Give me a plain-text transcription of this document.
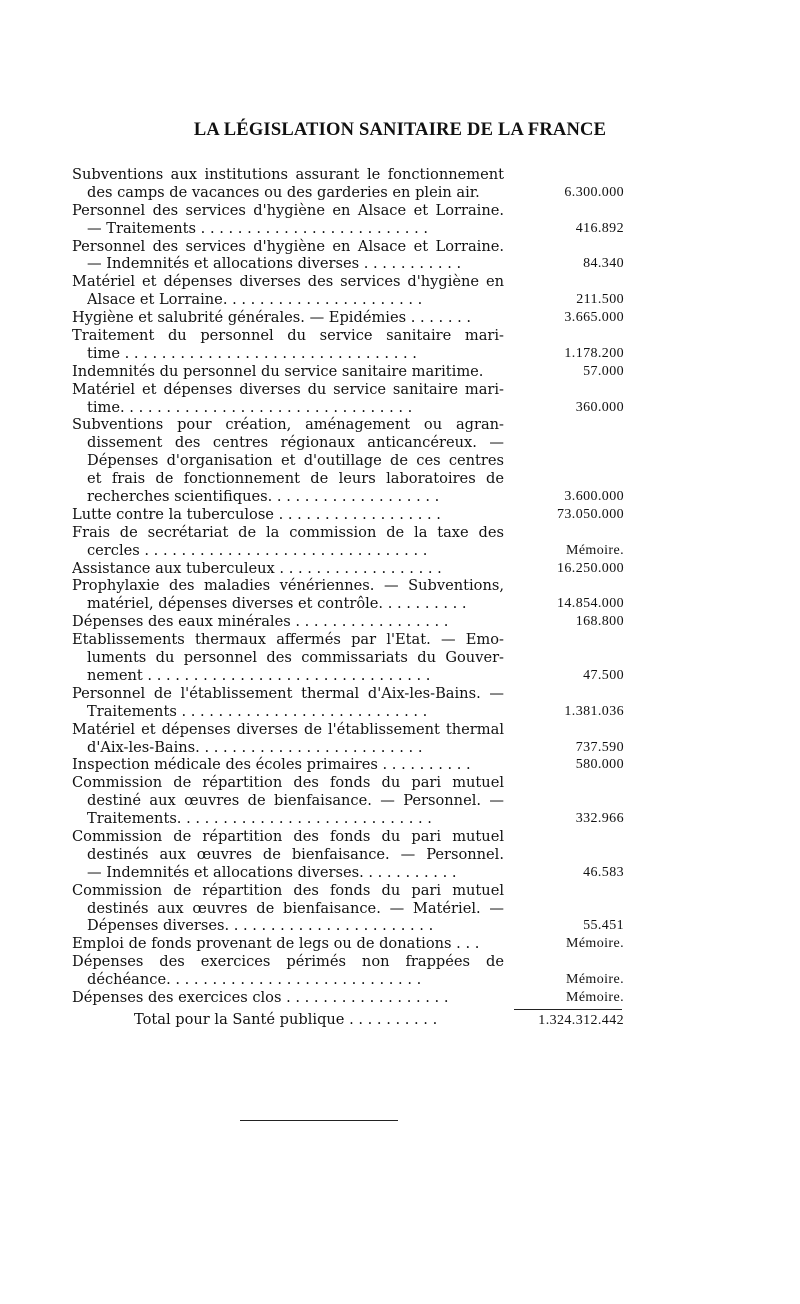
LA LÉGISLATION SANITAIRE DE LA FRANCE
Subventions aux institutions assurant le fonctionnement
des camps de vacances ou des garderies en plein air.	6.300.000
Personnel des services d'hygiène en Alsace et Lorraine.
— Traitements . . . . . . . . . . . . . . . . . . . . . . . . .	416.892
Personnel des services d'hygiène en Alsace et Lorraine.
— Indemnités et allocations diverses . . . . . . . . . . .	84.340
Matériel et dépenses diverses des services d'hygiène en
Alsace et Lorraine. . . . . . . . . . . . . . . . . . . . . .	211.500
Hygiène et salubrité générales. — Epidémies . . . . . . .	3.665.000
Traitement du personnel du service sanitaire mari-
time . . . . . . . . . . . . . . . . . . . . . . . . . . . . . . . .	1.178.200
Indemnités du personnel du service sanitaire maritime.	57.000
Matériel et dépenses diverses du service sanitaire mari-
time. . . . . . . . . . . . . . . . . . . . . . . . . . . . . . . .	360.000
Subventions pour création, aménagement ou agran-
dissement des centres régionaux anticancéreux. —
Dépenses d'organisation et d'outillage de ces centres
et frais de fonctionnement de leurs laboratoires de
recherches scientifiques. . . . . . . . . . . . . . . . . . .	3.600.000
Lutte contre la tuberculose . . . . . . . . . . . . . . . . . .	73.050.000
Frais de secrétariat de la commission de la taxe des
cercles . . . . . . . . . . . . . . . . . . . . . . . . . . . . . . .	Mémoire.
Assistance aux tuberculeux . . . . . . . . . . . . . . . . . .	16.250.000
Prophylaxie des maladies vénériennes. — Subventions,
matériel, dépenses diverses et contrôle. . . . . . . . . .	14.854.000
Dépenses des eaux minérales . . . . . . . . . . . . . . . . .	168.800
Etablissements thermaux affermés par l'Etat. — Emo-
luments du personnel des commissariats du Gouver-
nement . . . . . . . . . . . . . . . . . . . . . . . . . . . . . . .	47.500
Personnel de l'établissement thermal d'Aix-les-Bains. —
Traitements . . . . . . . . . . . . . . . . . . . . . . . . . . .	1.381.036
Matériel et dépenses diverses de l'établissement thermal
d'Aix-les-Bains. . . . . . . . . . . . . . . . . . . . . . . . .	737.590
Inspection médicale des écoles primaires . . . . . . . . . .	580.000
Commission de répartition des fonds du pari mutuel
destiné aux œuvres de bienfaisance. — Personnel. —
Traitements. . . . . . . . . . . . . . . . . . . . . . . . . . . .	332.966
Commission de répartition des fonds du pari mutuel
destinés aux œuvres de bienfaisance. — Personnel.
— Indemnités et allocations diverses. . . . . . . . . . .	46.583
Commission de répartition des fonds du pari mutuel
destinés aux œuvres de bienfaisance. — Matériel. —
Dépenses diverses. . . . . . . . . . . . . . . . . . . . . . .	55.451
Emploi de fonds provenant de legs ou de donations . . .	Mémoire.
Dépenses des exercices périmés non frappées de
déchéance. . . . . . . . . . . . . . . . . . . . . . . . . . . .	Mémoire.
Dépenses des exercices clos . . . . . . . . . . . . . . . . . .	Mémoire.
Total pour la Santé publique . . . . . . . . . .	1.324.312.442
